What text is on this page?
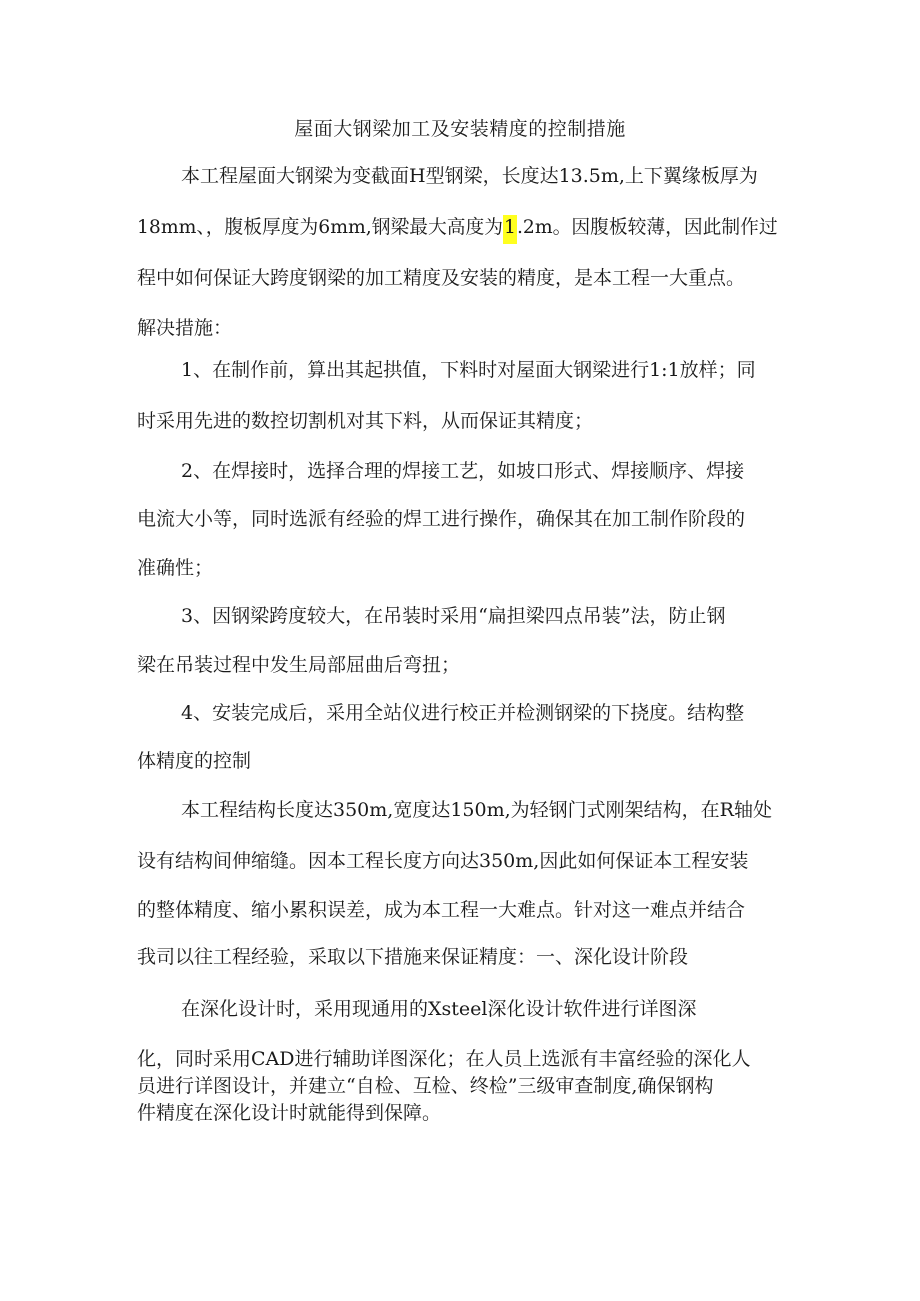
屋面大钢梁加工及安装精度的控制措施
本工程屋面大钢梁为变截面H型钢梁，长度达13.5m,上下翼缘板厚为
18mm、，腹板厚度为6mm,钢梁最大高度为1.2m。因腹板较薄，因此制作过
程中如何保证大跨度钢梁的加工精度及安装的精度，是本工程一大重点。
解决措施：
1、在制作前，算出其起拱值，下料时对屋面大钢梁进行1:1放样；同
时采用先进的数控切割机对其下料，从而保证其精度；
2、在焊接时，选择合理的焊接工艺，如坡口形式、焊接顺序、焊接
电流大小等，同时选派有经验的焊工进行操作，确保其在加工制作阶段的
准确性；
3、因钢梁跨度较大，在吊装时采用“扁担梁四点吊装”法，防止钢
梁在吊装过程中发生局部屈曲后弯扭；
4、安装完成后，采用全站仪进行校正并检测钢梁的下挠度。结构整
体精度的控制
本工程结构长度达350m,宽度达150m,为轻钢门式刚架结构，在R轴处
设有结构间伸缩缝。因本工程长度方向达350m,因此如何保证本工程安装
的整体精度、缩小累积误差，成为本工程一大难点。针对这一难点并结合
我司以往工程经验，采取以下措施来保证精度：一、深化设计阶段
在深化设计时，采用现通用的Xsteel深化设计软件进行详图深
化，同时采用CAD进行辅助详图深化；在人员上选派有丰富经验的深化人
员进行详图设计，并建立“自检、互检、终检”三级审查制度,确保钢构
件精度在深化设计时就能得到保障。
